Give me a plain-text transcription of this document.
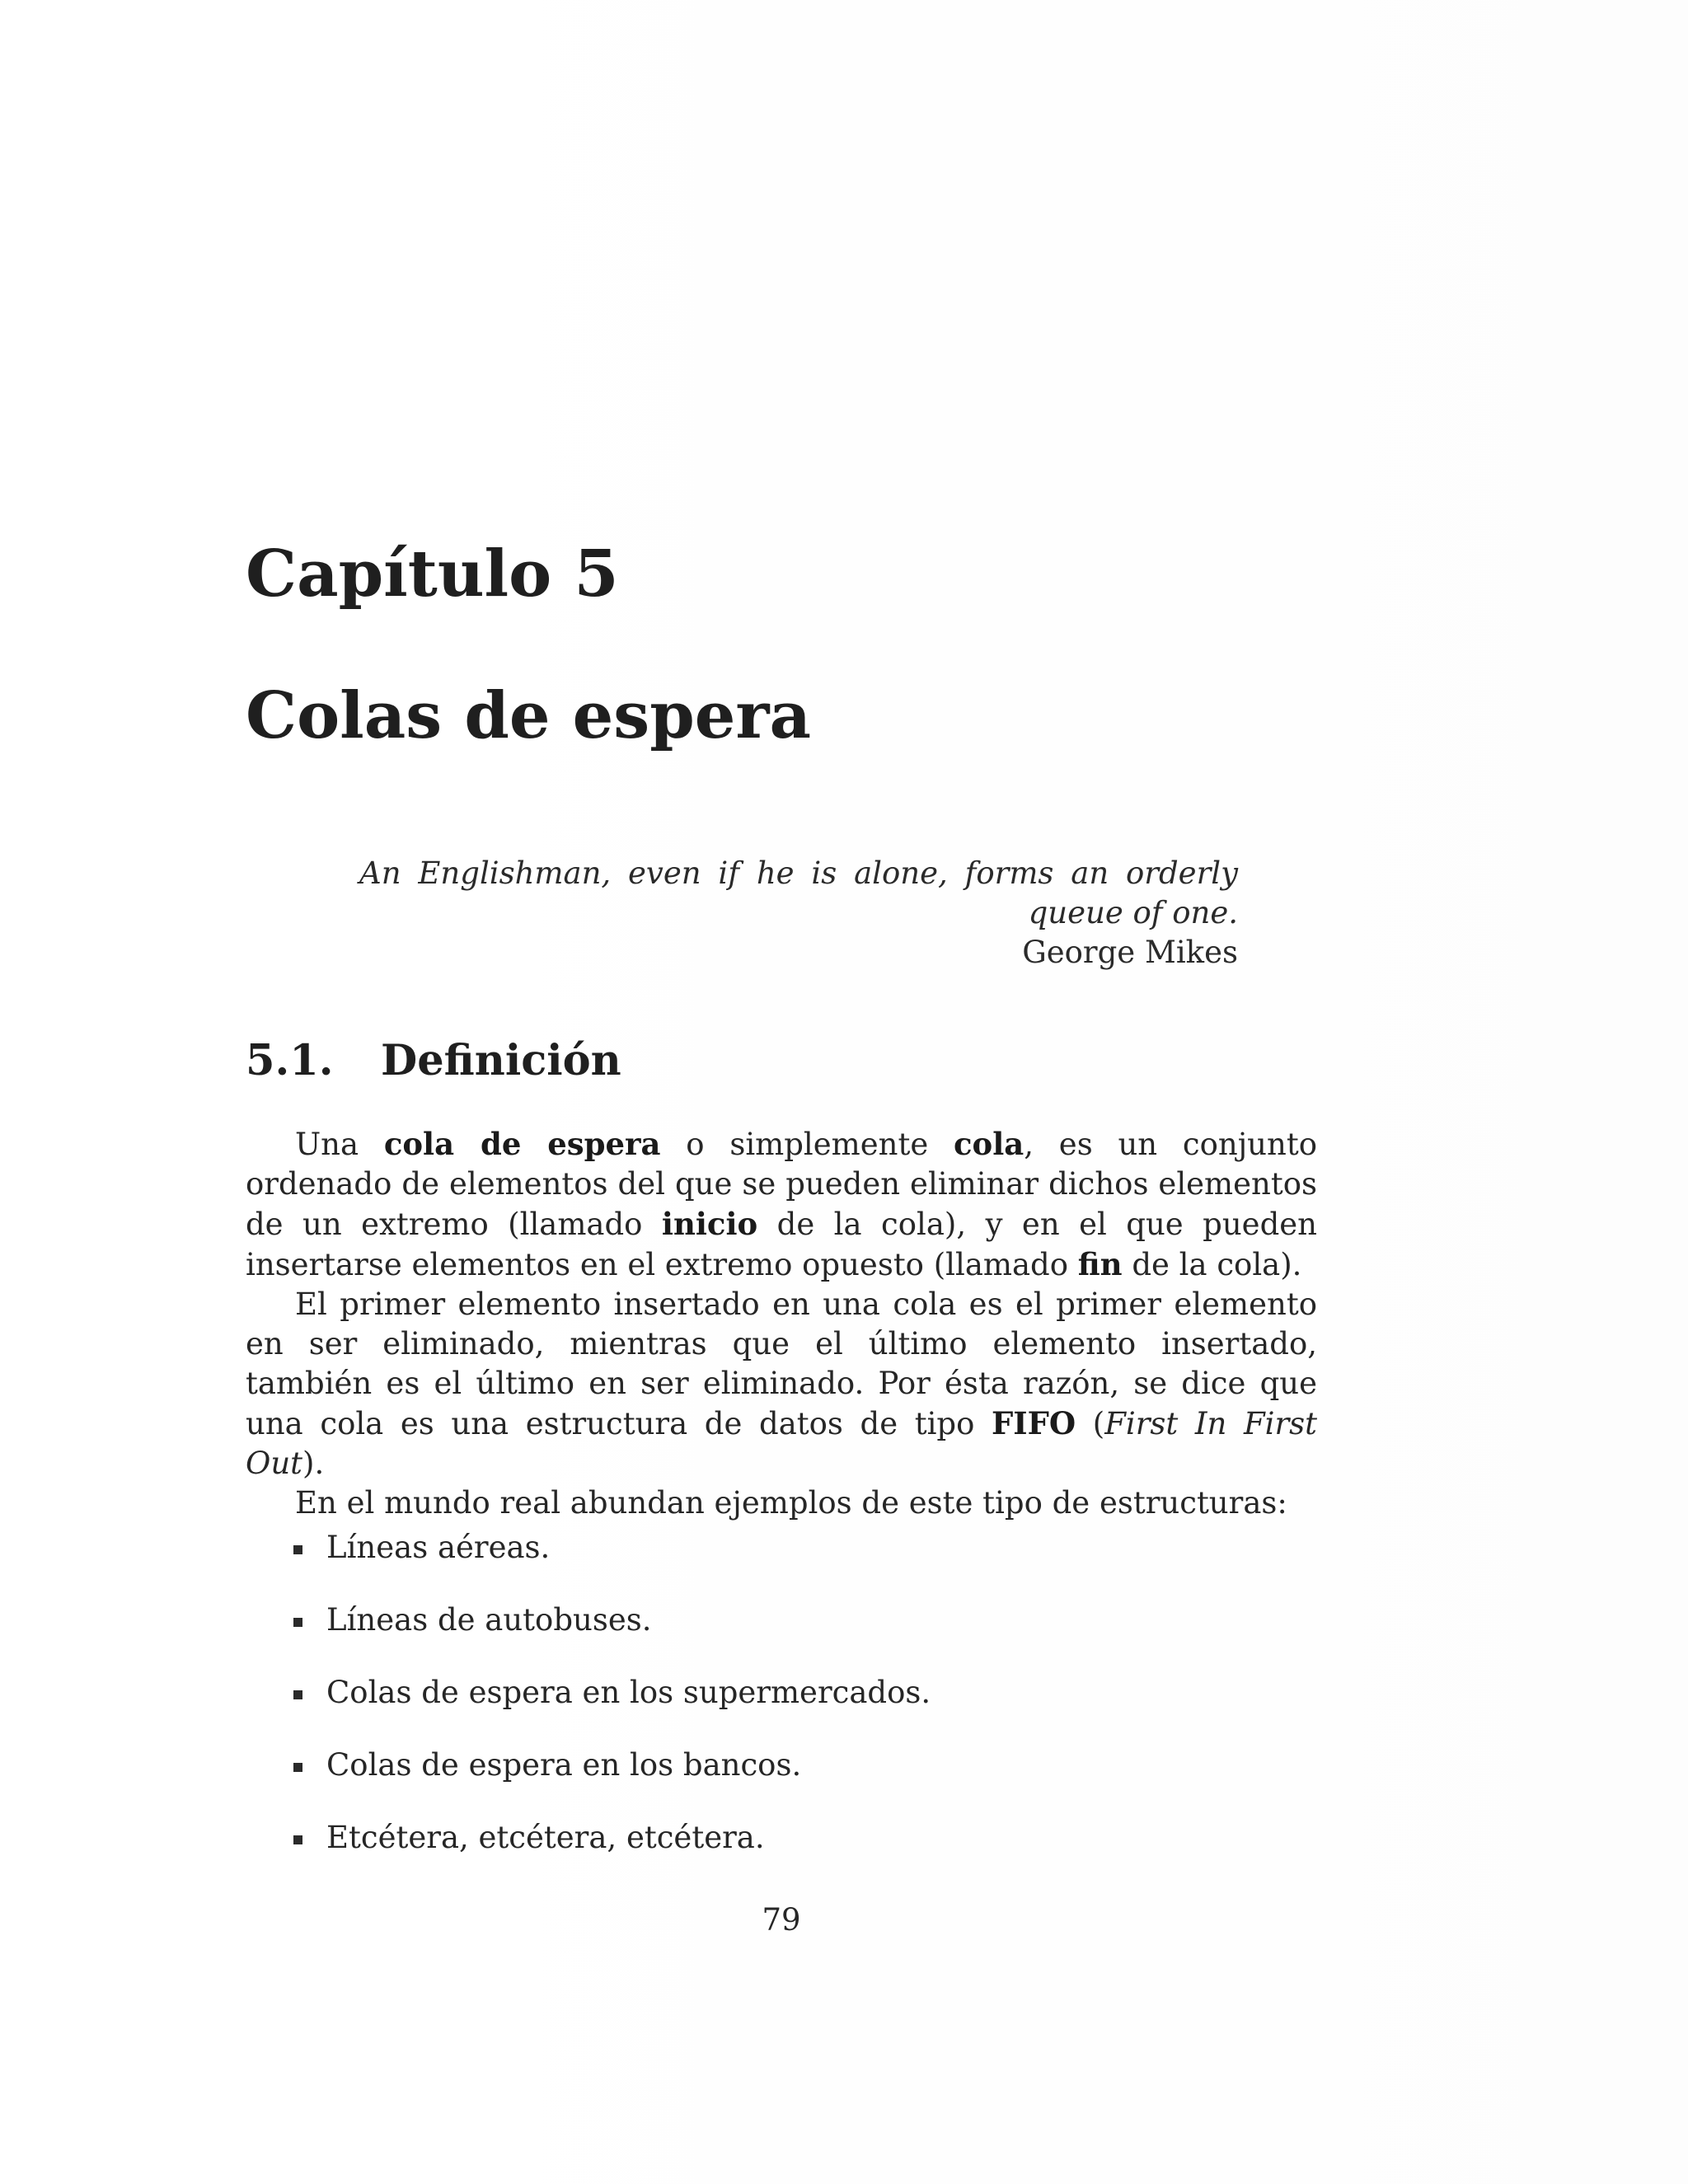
Capítulo 5
Colas de espera
An Englishman, even if he is alone, forms an orderly queue of one.
George Mikes
5.1. Definición

Una cola de espera o simplemente cola, es un conjunto ordenado de elementos del que se pueden eliminar dichos elementos de un extremo (llamado inicio de la cola), y en el que pueden insertarse elementos en el extremo opuesto (llamado fin de la cola).

El primer elemento insertado en una cola es el primer elemento en ser eliminado, mientras que el último elemento insertado, también es el último en ser eliminado. Por ésta razón, se dice que una cola es una estructura de datos de tipo FIFO (First In First Out).

En el mundo real abundan ejemplos de este tipo de estructuras:

Líneas aéreas.
Líneas de autobuses.
Colas de espera en los supermercados.
Colas de espera en los bancos.
Etcétera, etcétera, etcétera.
79
